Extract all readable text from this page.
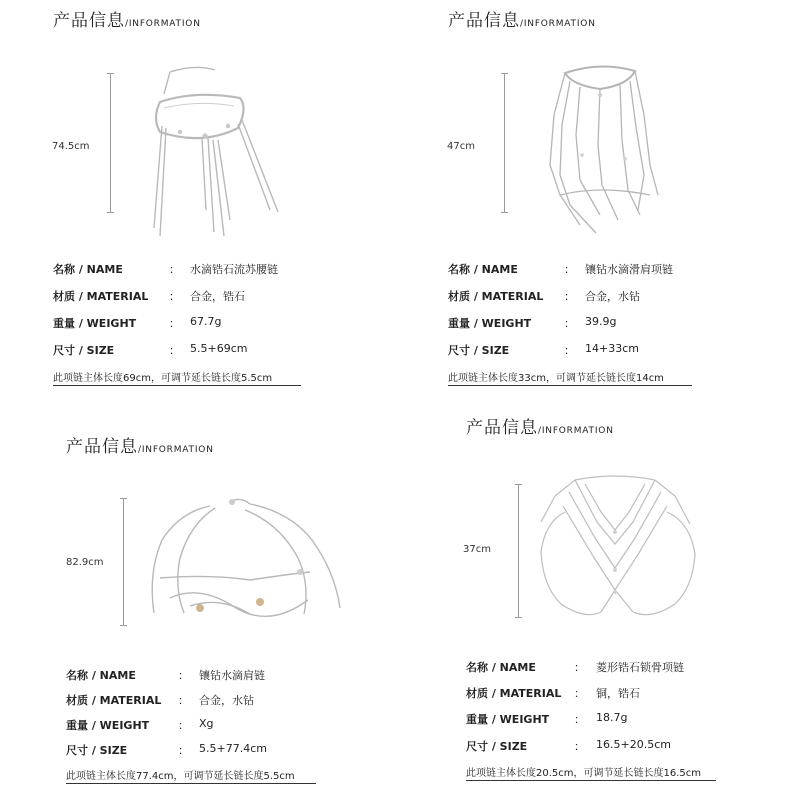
产品信息 /INFORMATION
74.5cm
名称 / NAME	： 水滴锆石流苏腰链
材质 / MATERIAL ： 合金，锆石
重量 / WEIGHT	： 67.7g
尺寸 / SIZE	： 5.5+69cm
此项链主体长度69cm，可调节延长链长度5.5cm
产品信息 /INFORMATION
47cm
名称 / NAME	： 镶钻水滴滑肩项链
材质 / MATERIAL ： 合金，水钻
重量 / WEIGHT	： 39.9g
尺寸 / SIZE	： 14+33cm
此项链主体长度33cm，可调节延长链长度14cm
产品信息 /INFORMATION
82.9cm
名称 / NAME	： 镶钻水滴肩链
材质 / MATERIAL ： 合金，水钻
重量 / WEIGHT	： Xg
尺寸 / SIZE	： 5.5+77.4cm
此项链主体长度77.4cm，可调节延长链长度5.5cm
产品信息 /INFORMATION
37cm
名称 / NAME	： 菱形锆石锁骨项链
材质 / MATERIAL ： 铜，锆石
重量 / WEIGHT ： 18.7g
尺寸 / SIZE	： 16.5+20.5cm
此项链主体长度20.5cm，可调节延长链长度16.5cm
